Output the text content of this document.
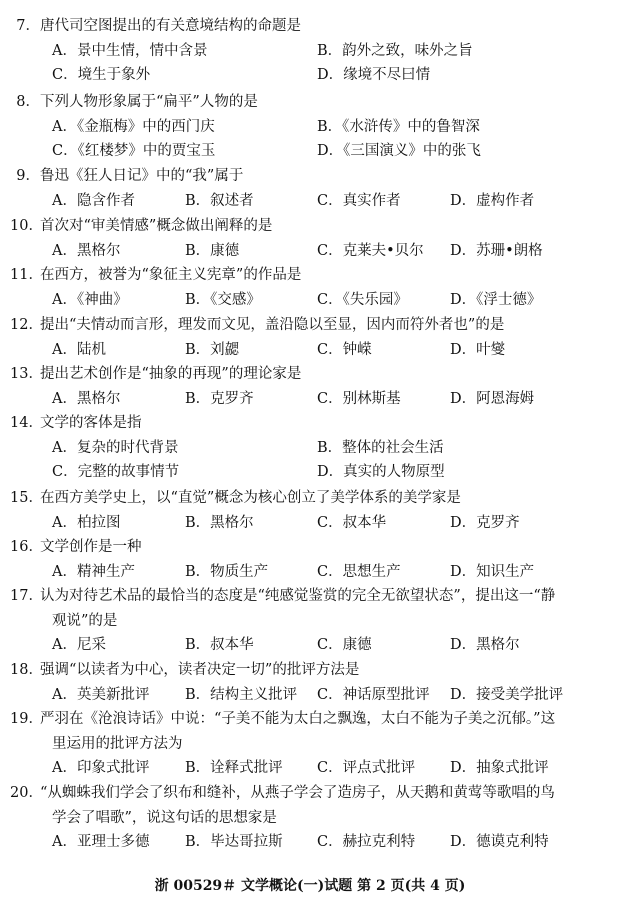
7．唐代司空图提出的有关意境结构的命题是
A．景中生情，情中含景	B．韵外之致，味外之旨
C．境生于象外	D．缘境不尽曰情
8．下列人物形象属于“扁平”人物的是
A．《金瓶梅》中的西门庆	B．《水浒传》中的鲁智深
C．《红楼梦》中的贾宝玉	D．《三国演义》中的张飞
9．鲁迅《狂人日记》中的“我”属于
A．隐含作者	B．叙述者	C．真实作者	D．虚构作者
10．首次对“审美情感”概念做出阐释的是
A．黑格尔	B．康德	C．克莱夫•贝尔 D．苏珊•朗格
11．在西方，被誉为“象征主义宪章”的作品是
A．《神曲》	B．《交感》	C．《失乐园》	D．《浮士德》
12．提出“夫情动而言形，理发而文见，盖沿隐以至显，因内而符外者也”的是
A．陆机	B．刘勰	C．钟嵘	D．叶燮
13．提出艺术创作是“抽象的再现”的理论家是
A．黑格尔	B．克罗齐	C．别林斯基	D．阿恩海姆
14．文学的客体是指
A．复杂的时代背景	B．整体的社会生活
C．完整的故事情节	D．真实的人物原型
15．在西方美学史上，以“直觉”概念为核心创立了美学体系的美学家是
A．柏拉图	B．黑格尔	C．叔本华	D．克罗齐
16．文学创作是一种
A．精神生产	B．物质生产	C．思想生产	D．知识生产
17．认为对待艺术品的最恰当的态度是“纯感觉鉴赏的完全无欲望状态”，提出这一“静
观说”的是
A．尼采	B．叔本华	C．康德	D．黑格尔
18．强调“以读者为中心，读者决定一切”的批评方法是
A．英美新批评 B．结构主义批评 C．神话原型批评 D．接受美学批评
19．严羽在《沧浪诗话》中说：“子美不能为太白之飘逸，太白不能为子美之沉郁。”这
里运用的批评方法为
A．印象式批评 B．诠释式批评 C．评点式批评 D．抽象式批评
20．“从蜘蛛我们学会了织布和缝补，从燕子学会了造房子，从天鹅和黄莺等歌唱的鸟
学会了唱歌”，说这句话的思想家是
A．亚理士多德 B．毕达哥拉斯 C．赫拉克利特 D．德谟克利特
浙 00529＃ 文学概论(一)试题 第 2 页(共 4 页)
